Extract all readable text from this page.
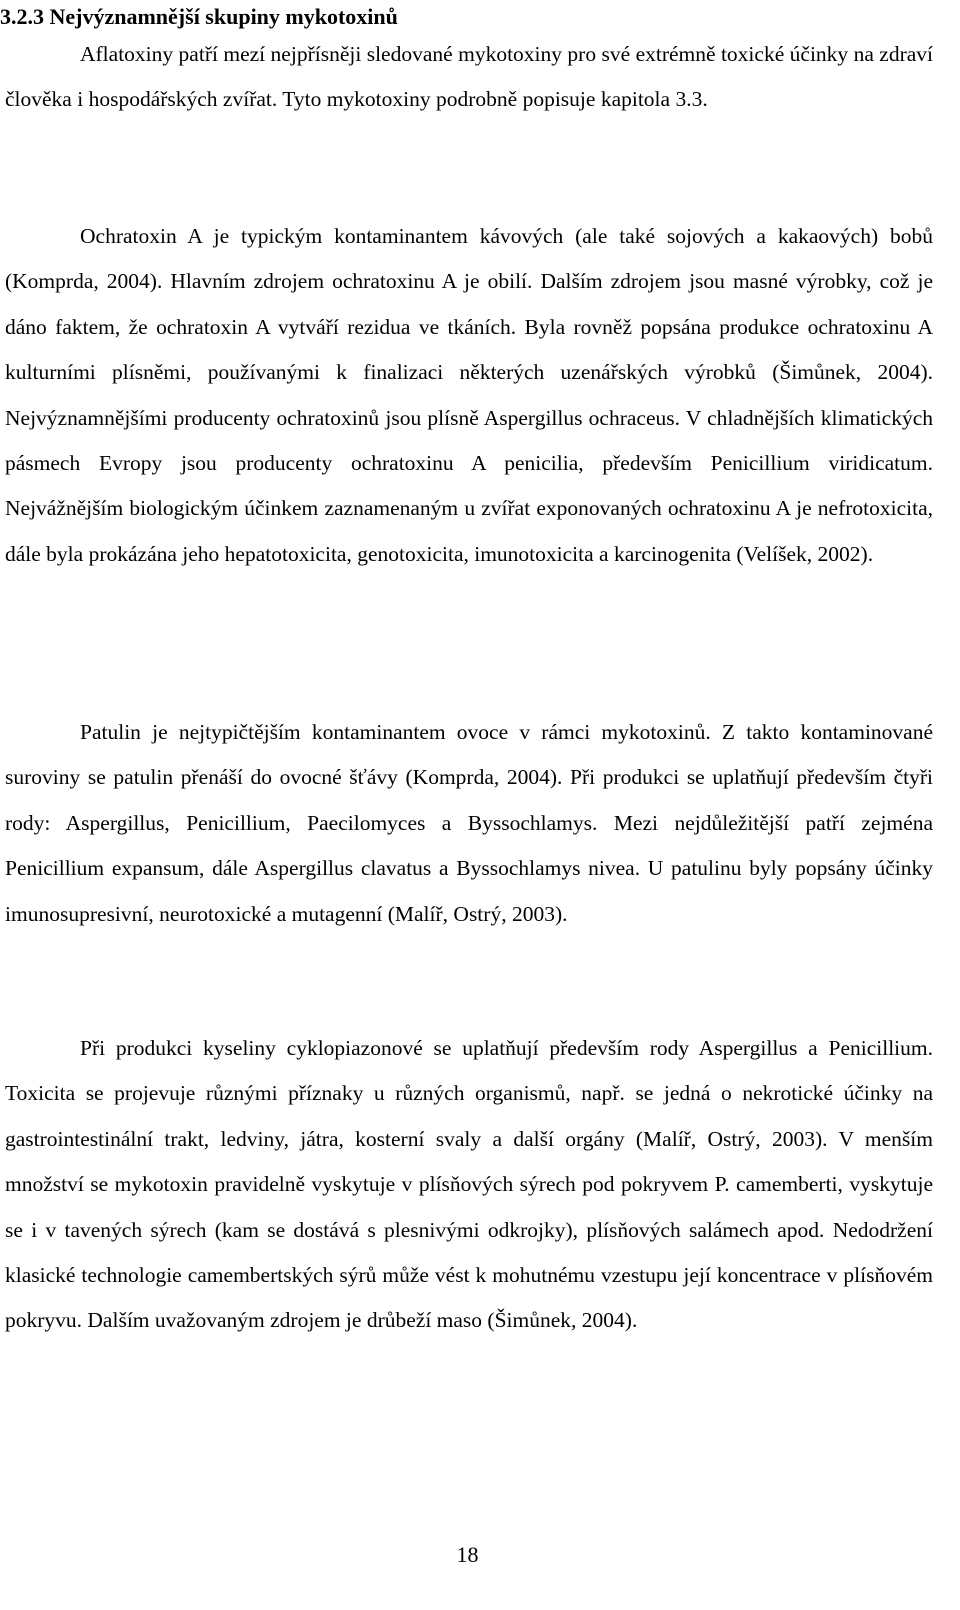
3.2.3 Nejvýznamnější skupiny mykotoxinů

Aflatoxiny patří mezí nejpřísněji sledované mykotoxiny pro své extrémně toxické účinky na zdraví člověka i hospodářských zvířat. Tyto mykotoxiny podrobně popisuje kapitola 3.3.

Ochratoxin A je typickým kontaminantem kávových (ale také sojových a kakaových) bobů (Komprda, 2004). Hlavním zdrojem ochratoxinu A je obilí. Dalším zdrojem jsou masné výrobky, což je dáno faktem, že ochratoxin A vytváří rezidua ve tkáních. Byla rovněž popsána produkce ochratoxinu A kulturními plísněmi, používanými k finalizaci některých uzenářských výrobků (Šimůnek, 2004). Nejvýznamnějšími producenty ochratoxinů jsou plísně Aspergillus ochraceus. V chladnějších klimatických pásmech Evropy jsou producenty ochratoxinu A penicilia, především Penicillium viridicatum. Nejvážnějším biologickým účinkem zaznamenaným u zvířat exponovaných ochratoxinu A je nefrotoxicita, dále byla prokázána jeho hepatotoxicita, genotoxicita, imunotoxicita a karcinogenita (Velíšek, 2002).

Patulin je nejtypičtějším kontaminantem ovoce v rámci mykotoxinů. Z takto kontaminované suroviny se patulin přenáší do ovocné šťávy (Komprda, 2004). Při produkci se uplatňují především čtyři rody: Aspergillus, Penicillium, Paecilomyces a Byssochlamys. Mezi nejdůležitější patří zejména Penicillium expansum, dále Aspergillus clavatus a Byssochlamys nivea. U patulinu byly popsány účinky imunosupresivní, neurotoxické a mutagenní (Malíř, Ostrý, 2003).

Při produkci kyseliny cyklopiazonové se uplatňují především rody Aspergillus a Penicillium. Toxicita se projevuje různými příznaky u různých organismů, např. se jedná o nekrotické účinky na gastrointestinální trakt, ledviny, játra, kosterní svaly a další orgány (Malíř, Ostrý, 2003). V menším množství se mykotoxin pravidelně vyskytuje v plísňových sýrech pod pokryvem P. camemberti, vyskytuje se i v tavených sýrech (kam se dostává s plesnivými odkrojky), plísňových salámech apod. Nedodržení klasické technologie camembertských sýrů může vést k mohutnému vzestupu její koncentrace v plísňovém pokryvu. Dalším uvažovaným zdrojem je drůbeží maso (Šimůnek, 2004).

18
